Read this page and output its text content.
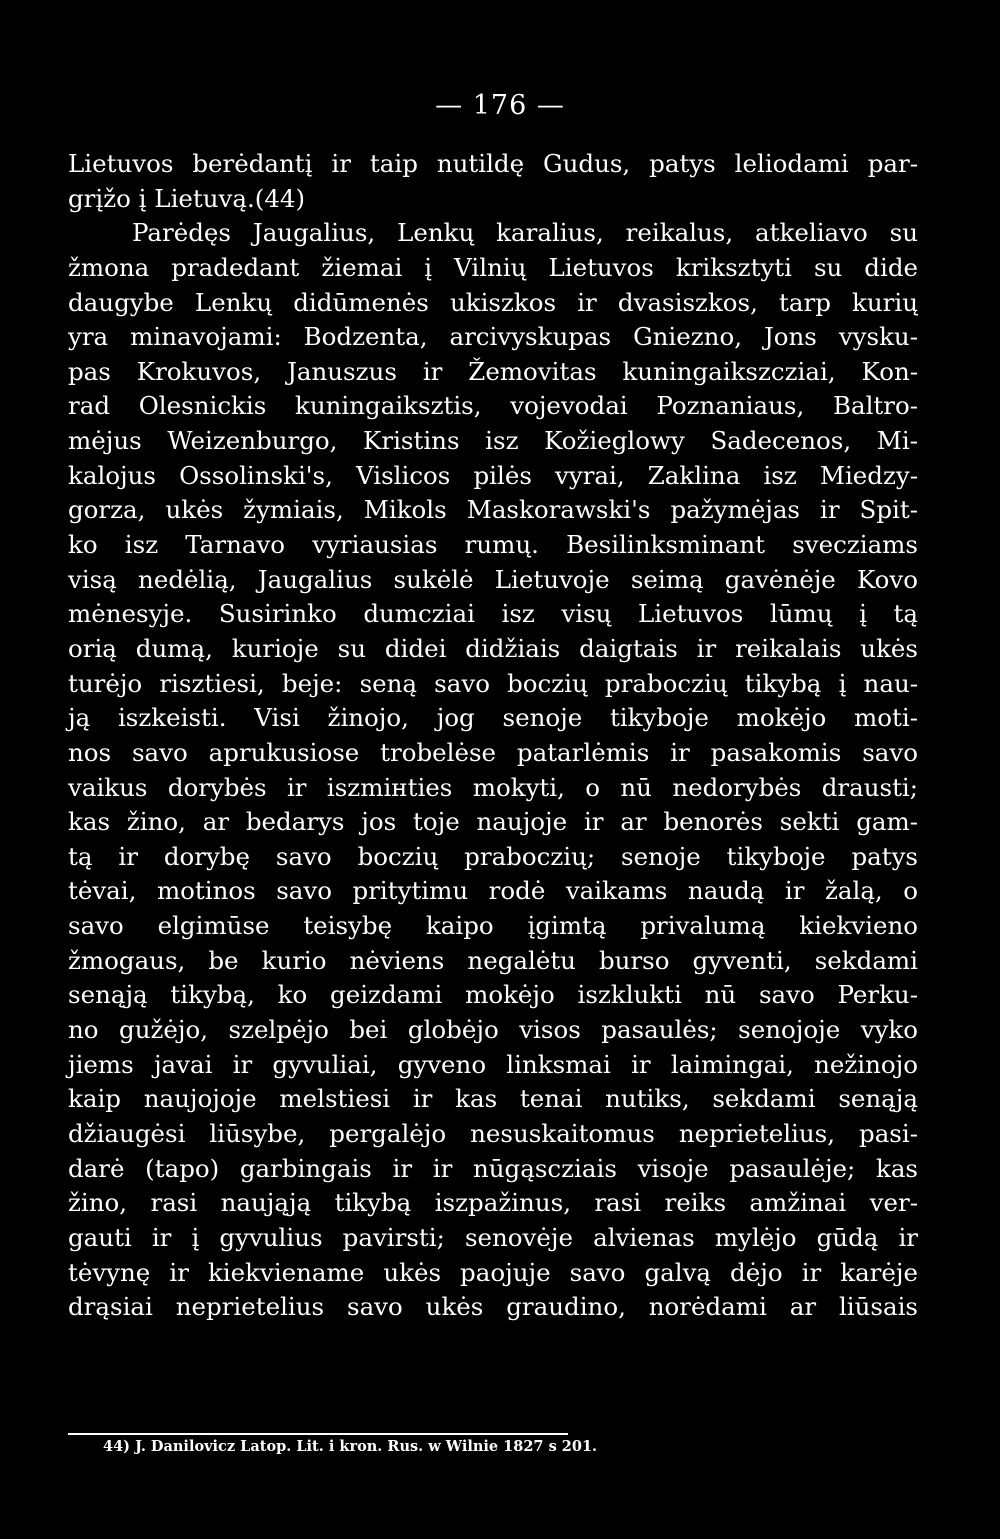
— 176 —
Lietuvos berėdantį ir taip nutildę Gudus, patys leliodami par-
grįžo į Lietuvą.(44)
Parėdęs Jaugalius, Lenkų karalius, reikalus, atkeliavo su
žmona pradedant žiemai į Vilnių Lietuvos kriksztyti su dide
daugybe Lenkų didūmenės ukiszkos ir dvasiszkos, tarp kurių
yra minavojami: Bodzenta, arcivyskupas Gniezno, Jons vysku-
pas Krokuvos, Januszus ir Žemovitas kuningaikszcziai, Kon-
rad Olesnickis kuningaiksztis, vojevodai Poznaniaus, Baltro-
mėjus Weizenburgo, Kristins isz Kožieglowy Sadecenos, Mi-
kalojus Ossolinski's, Vislicos pilės vyrai, Zaklina isz Miedzy-
gorza, ukės žymiais, Mikols Maskorawski's pažymėjas ir Spit-
ko isz Tarnavo vyriausias rumų. Besilinksminant svecziams
visą nedėlią, Jaugalius sukėlė Lietuvoje seimą gavėnėje Kovo
mėnesyje. Susirinko dumcziai isz visų Lietuvos lūmų į tą
orią dumą, kurioje su didei didžiais daigtais ir reikalais ukės
turėjo risztiesi, beje: seną savo boczių praboczių tikybą į nau-
ją iszkeisti. Visi žinojo, jog senoje tikyboje mokėjo moti-
nos savo aprukusiose trobelėse patarlėmis ir pasakomis savo
vaikus dorybės ir iszmінties mokyti, o nū nedorybės drausti;
kas žino, ar bedarys jos toje naujoje ir ar benorės sekti gam-
tą ir dorybę savo boczių praboczių; senoje tikyboje patys
tėvai, motinos savo pritytimu rodė vaikams naudą ir žalą, o
savo elgimūse teisybę kaipo įgimtą privalumą kiekvieno
žmogaus, be kurio nėviens negalėtu burso gyventi, sekdami
senąją tikybą, ko geizdami mokėjo iszklukti nū savo Perku-
no gužėjo, szelpėjo bei globėjo visos pasaulės; senojoje vyko
jiems javai ir gyvuliai, gyveno linksmai ir laimingai, nežinojo
kaip naujojoje melstiesi ir kas tenai nutiks, sekdami senąją
džiaugėsi liūsybe, pergalėjo nesuskaitomus neprietelius, pasi-
darė (tapo) garbingais ir ir nūgąscziais visoje pasaulėje; kas
žino, rasi naująją tikybą iszpažinus, rasi reiks amžinai ver-
gauti ir į gyvulius pavirsti; senovėje alvienas mylėjo gūdą ir
tėvynę ir kiekviename ukės paojuje savo galvą dėjo ir karėje
drąsiai neprietelius savo ukės graudino, norėdami ar liūsais
44) J. Danilovicz Latop. Lit. i kron. Rus. w Wilnie 1827 s 201.
